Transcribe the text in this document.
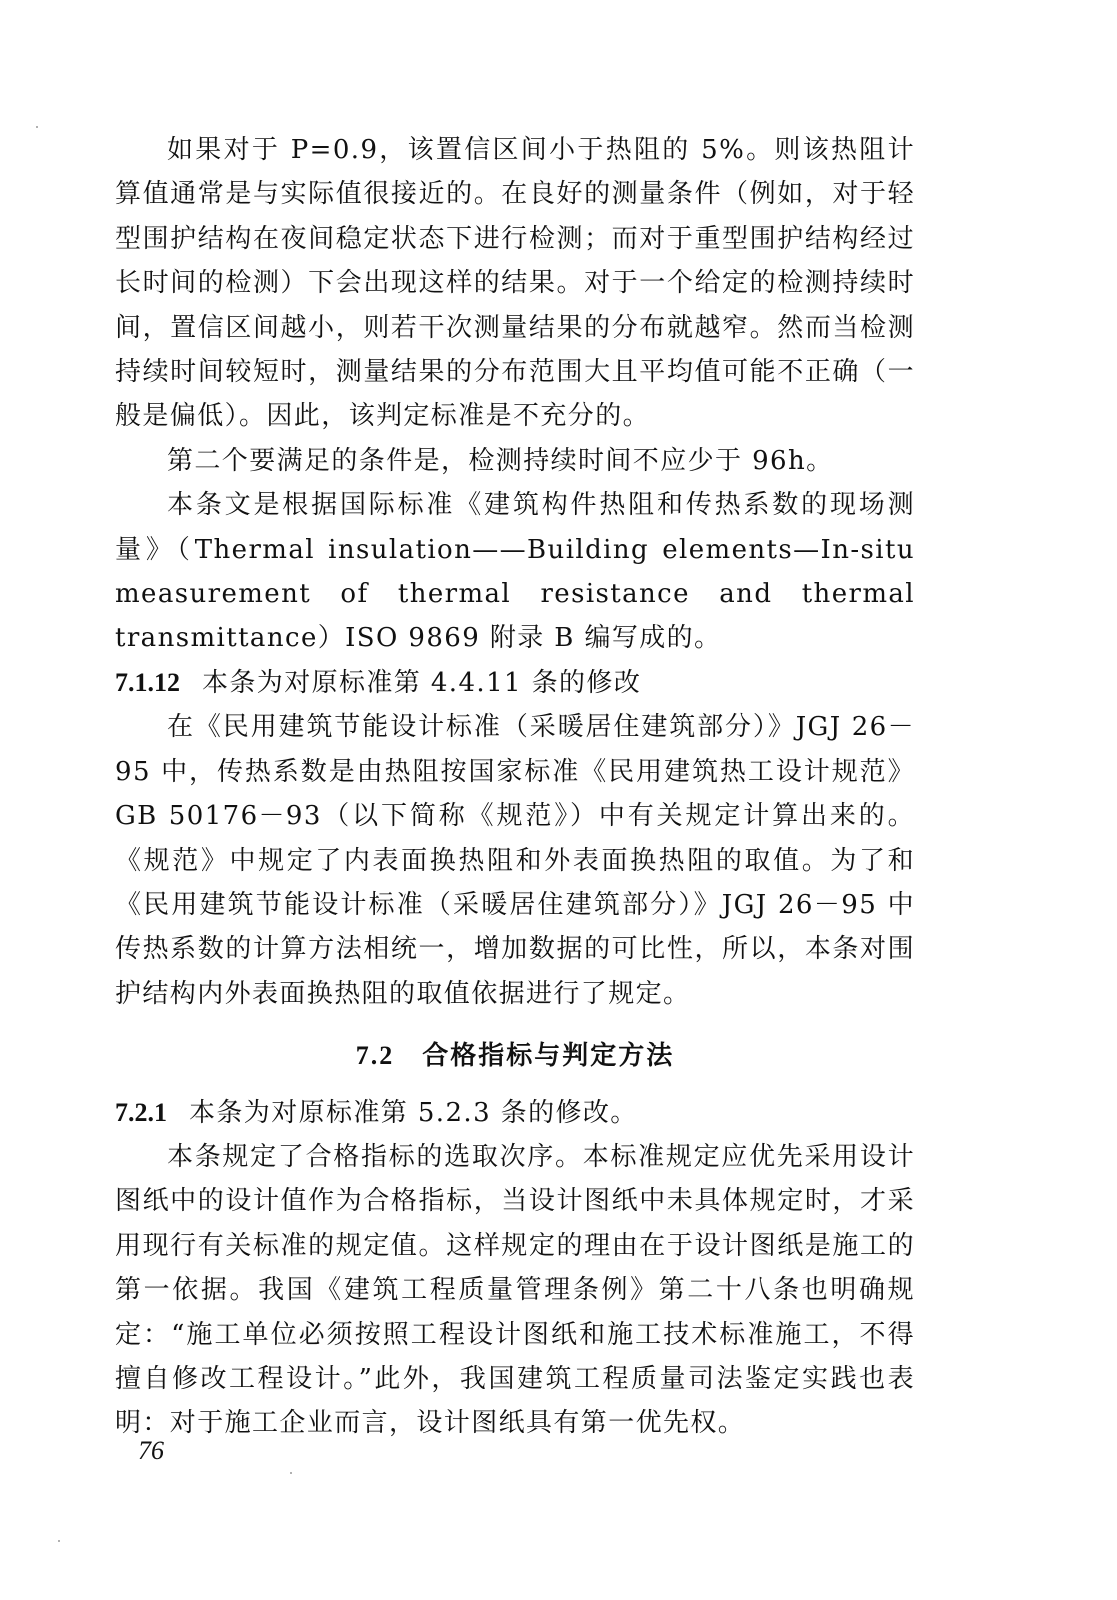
如果对于 P=0.9，该置信区间小于热阻的 5%。则该热阻计算值通常是与实际值很接近的。在良好的测量条件（例如，对于轻型围护结构在夜间稳定状态下进行检测；而对于重型围护结构经过长时间的检测）下会出现这样的结果。对于一个给定的检测持续时间，置信区间越小，则若干次测量结果的分布就越窄。然而当检测持续时间较短时，测量结果的分布范围大且平均值可能不正确（一般是偏低）。因此，该判定标准是不充分的。

第二个要满足的条件是，检测持续时间不应少于 96h。

本条文是根据国际标准《建筑构件热阻和传热系数的现场测量》（Thermal insulation——Building elements—In-situ measurement of thermal resistance and thermal transmittance）ISO 9869 附录 B 编写成的。

7.1.12 本条为对原标准第 4.4.11 条的修改

在《民用建筑节能设计标准（采暖居住建筑部分）》JGJ 26－95 中，传热系数是由热阻按国家标准《民用建筑热工设计规范》GB 50176－93（以下简称《规范》）中有关规定计算出来的。《规范》中规定了内表面换热阻和外表面换热阻的取值。为了和《民用建筑节能设计标准（采暖居住建筑部分）》JGJ 26－95 中传热系数的计算方法相统一，增加数据的可比性，所以，本条对围护结构内外表面换热阻的取值依据进行了规定。

7.2 合格指标与判定方法

7.2.1 本条为对原标准第 5.2.3 条的修改。

本条规定了合格指标的选取次序。本标准规定应优先采用设计图纸中的设计值作为合格指标，当设计图纸中未具体规定时，才采用现行有关标准的规定值。这样规定的理由在于设计图纸是施工的第一依据。我国《建筑工程质量管理条例》第二十八条也明确规定：“施工单位必须按照工程设计图纸和施工技术标准施工，不得擅自修改工程设计。”此外，我国建筑工程质量司法鉴定实践也表明：对于施工企业而言，设计图纸具有第一优先权。

76
